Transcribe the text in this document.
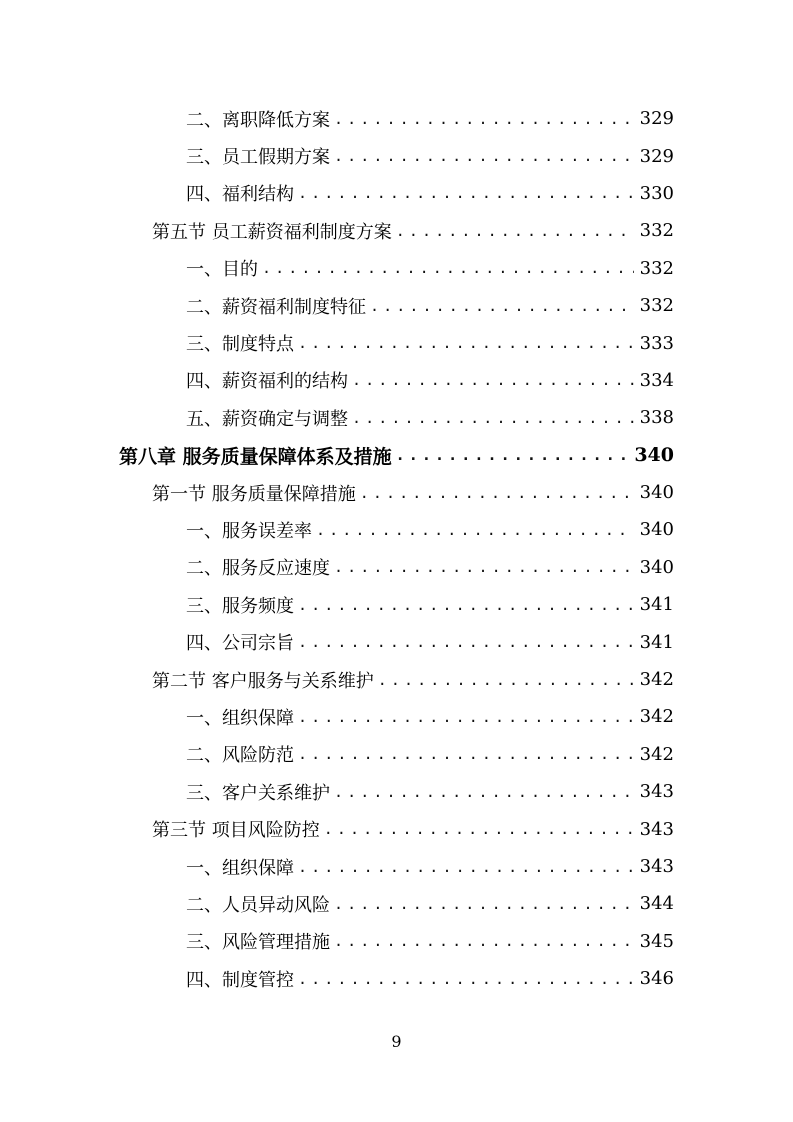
二、离职降低方案 .....	329
三、员工假期方案 .....	329
四、福利结构 .....	330
第五节 员工薪资福利制度方案 .....	332
一、目的 .....	332
二、薪资福利制度特征 .....	332
三、制度特点 .....	333
四、薪资福利的结构 .....	334
五、薪资确定与调整 .....	338
第八章 服务质量保障体系及措施 .....	340
第一节 服务质量保障措施 .....	340
一、服务误差率 .....	340
二、服务反应速度 .....	340
三、服务频度 .....	341
四、公司宗旨 .....	341
第二节 客户服务与关系维护 .....	342
一、组织保障 .....	342
二、风险防范 .....	342
三、客户关系维护 .....	343
第三节 项目风险防控 .....	343
一、组织保障 .....	343
二、人员异动风险 .....	344
三、风险管理措施 .....	345
四、制度管控 .....	346
9
